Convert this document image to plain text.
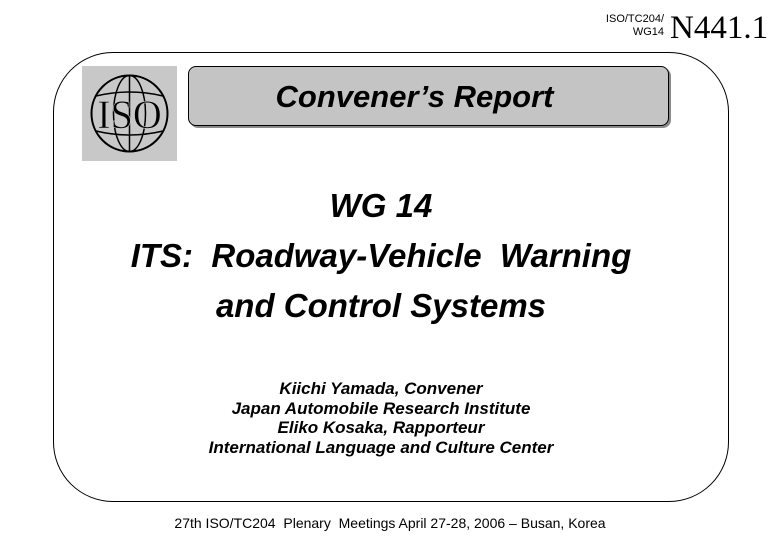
ISO/TC204/
WG14 N441.1
ISO	Convener’s Report
WG 14
ITS:  Roadway-Vehicle  Warning
and Control Systems
Kiichi Yamada, Convener
Japan Automobile Research Institute
Eliko Kosaka, Rapporteur
International Language and Culture Center
27th ISO/TC204  Plenary  Meetings April 27-28, 2006 – Busan, Korea
